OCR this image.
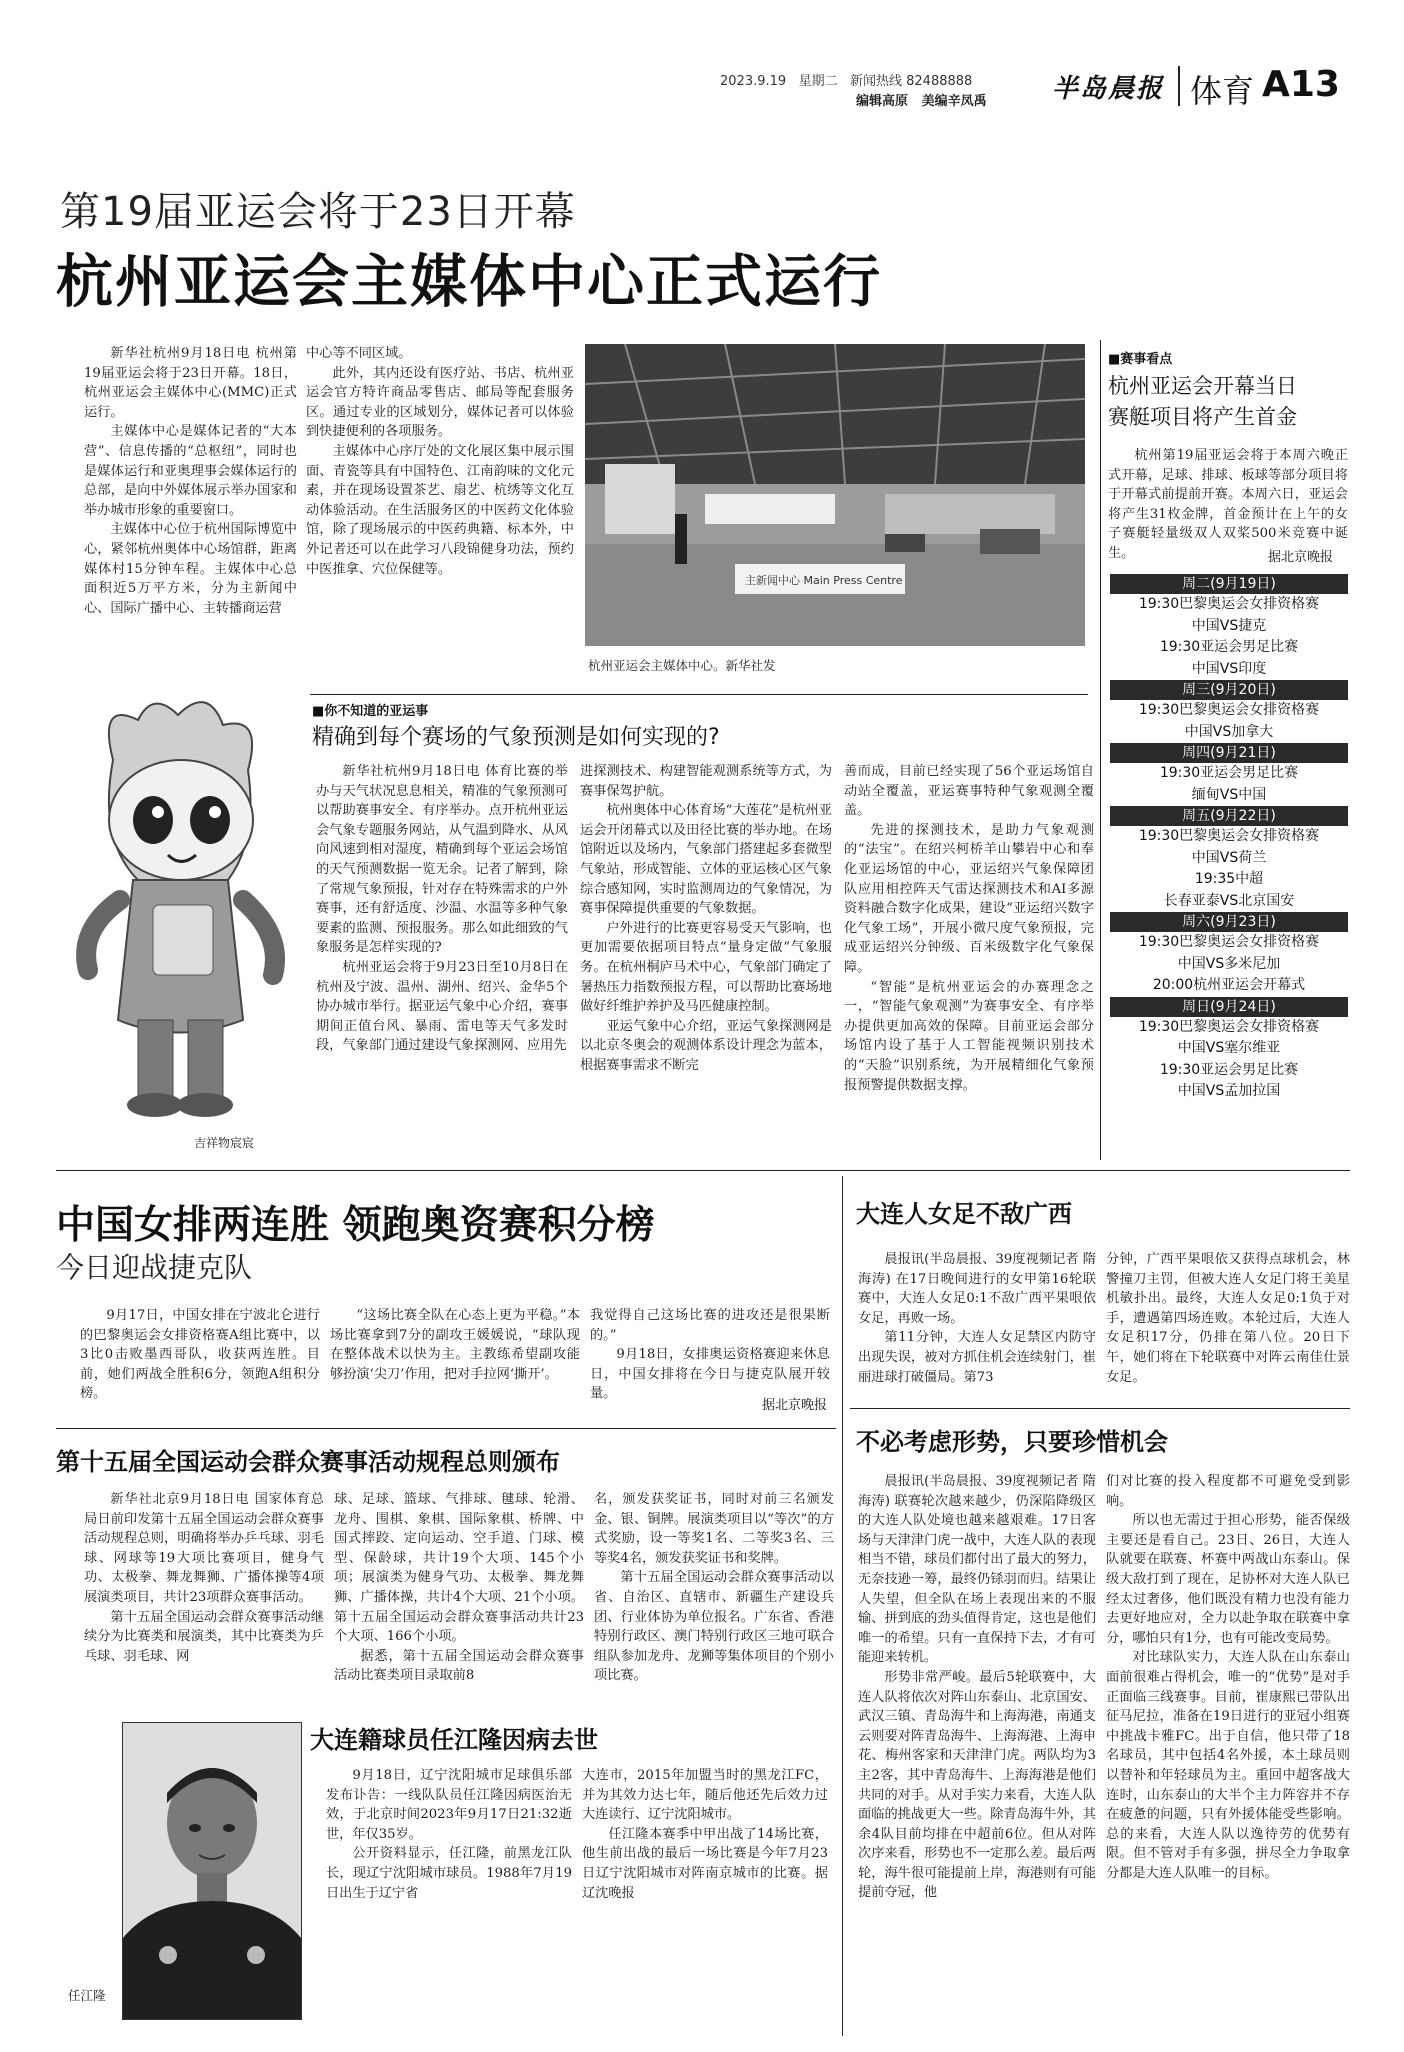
2023.9.19 星期二 新闻热线 82488888
编辑高原 美编辛凤禹	半岛晨报 体育 A13
第19届亚运会将于23日开幕
杭州亚运会主媒体中心正式运行

新华社杭州9月18日电 杭州第19届亚运会将于23日开幕。18日，杭州亚运会主媒体中心(MMC)正式运行。

主媒体中心是媒体记者的“大本营”、信息传播的“总枢纽”，同时也是媒体运行和亚奥理事会媒体运行的总部，是向中外媒体展示举办国家和举办城市形象的重要窗口。

主媒体中心位于杭州国际博览中心，紧邻杭州奥体中心场馆群，距离媒体村15分钟车程。主媒体中心总面积近5万平方米，分为主新闻中心、国际广播中心、主转播商运营

中心等不同区域。

此外，其内还设有医疗站、书店、杭州亚运会官方特许商品零售店、邮局等配套服务区。通过专业的区域划分，媒体记者可以体验到快捷便利的各项服务。

主媒体中心序厅处的文化展区集中展示围面、青瓷等具有中国特色、江南韵味的文化元素，并在现场设置茶艺、扇艺、杭绣等文化互动体验活动。在生活服务区的中医药文化体验馆，除了现场展示的中医药典籍、标本外，中外记者还可以在此学习八段锦健身功法，预约中医推拿、穴位保健等。

主新闻中心 Main Press Centre
杭州亚运会主媒体中心。新华社发
■赛事看点
杭州亚运会开幕当日
赛艇项目将产生首金

杭州第19届亚运会将于本周六晚正式开幕，足球、排球、板球等部分项目将于开幕式前提前开赛。本周六日，亚运会将产生31枚金牌，首金预计在上午的女子赛艇轻量级双人双桨500米竞赛中诞生。	据北京晚报
周二(9月19日)
19:30巴黎奥运会女排资格赛
中国VS捷克
19:30亚运会男足比赛
中国VS印度
周三(9月20日)
19:30巴黎奥运会女排资格赛
中国VS加拿大
周四(9月21日)
19:30亚运会男足比赛
缅甸VS中国
周五(9月22日)
19:30巴黎奥运会女排资格赛
中国VS荷兰
19:35中超
长春亚泰VS北京国安
周六(9月23日)
19:30巴黎奥运会女排资格赛
中国VS多米尼加
20:00杭州亚运会开幕式
周日(9月24日)
19:30巴黎奥运会女排资格赛
中国VS塞尔维亚
19:30亚运会男足比赛
中国VS孟加拉国
吉祥物宸宸
■你不知道的亚运事
精确到每个赛场的气象预测是如何实现的?

新华社杭州9月18日电 体育比赛的举办与天气状况息息相关，精准的气象预测可以帮助赛事安全、有序举办。点开杭州亚运会气象专题服务网站，从气温到降水、从风向风速到相对湿度，精确到每个亚运会场馆的天气预测数据一览无余。记者了解到，除了常规气象预报，针对存在特殊需求的户外赛事，还有舒适度、沙温、水温等多种气象要素的监测、预报服务。那么如此细致的气象服务是怎样实现的?

杭州亚运会将于9月23日至10月8日在杭州及宁波、温州、湖州、绍兴、金华5个协办城市举行。据亚运气象中心介绍，赛事期间正值台风、暴雨、雷电等天气多发时段，气象部门通过建设气象探测网、应用先

进探测技术、构建智能观测系统等方式，为赛事保驾护航。

杭州奥体中心体育场“大莲花”是杭州亚运会开闭幕式以及田径比赛的举办地。在场馆附近以及场内，气象部门搭建起多套微型气象站，形成智能、立体的亚运核心区气象综合感知网，实时监测周边的气象情况，为赛事保障提供重要的气象数据。

户外进行的比赛更容易受天气影响，也更加需要依据项目特点“量身定做”气象服务。在杭州桐庐马术中心，气象部门确定了暑热压力指数预报方程，可以帮助比赛场地做好纤维护养护及马匹健康控制。

亚运气象中心介绍，亚运气象探测网是以北京冬奥会的观测体系设计理念为蓝本，根据赛事需求不断完

善而成，目前已经实现了56个亚运场馆自动站全覆盖，亚运赛事特种气象观测全覆盖。

先进的探测技术，是助力气象观测的“法宝”。在绍兴柯桥羊山攀岩中心和奉化亚运场馆的中心，亚运绍兴气象保障团队应用相控阵天气雷达探测技术和AI多源资料融合数字化成果，建设“亚运绍兴数字化气象工场”，开展小微尺度气象预报，完成亚运绍兴分钟级、百米级数字化气象保障。

“智能”是杭州亚运会的办赛理念之一，“智能气象观测”为赛事安全、有序举办提供更加高效的保障。目前亚运会部分场馆内设了基于人工智能视频识别技术的“天脸”识别系统，为开展精细化气象预报预警提供数据支撑。

中国女排两连胜 领跑奥资赛积分榜
今日迎战捷克队

9月17日，中国女排在宁波北仑进行的巴黎奥运会女排资格赛A组比赛中，以3比0击败墨西哥队，收获两连胜。目前，她们两战全胜积6分，领跑A组积分榜。

“这场比赛全队在心态上更为平稳。”本场比赛拿到7分的副攻王媛媛说，“球队现在整体战术以快为主。主教练希望副攻能够扮演‘尖刀’作用，把对手拉网‘撕开’。

我觉得自己这场比赛的进攻还是很果断的。”

9月18日，女排奥运资格赛迎来休息日，中国女排将在今日与捷克队展开较量。

据北京晚报
第十五届全国运动会群众赛事活动规程总则颁布

新华社北京9月18日电 国家体育总局日前印发第十五届全国运动会群众赛事活动规程总则，明确将举办乒乓球、羽毛球、网球等19大项比赛项目，健身气功、太极拳、舞龙舞狮、广播体操等4项展演类项目，共计23项群众赛事活动。

第十五届全国运动会群众赛事活动继续分为比赛类和展演类，其中比赛类为乒乓球、羽毛球、网

球、足球、篮球、气排球、毽球、轮滑、龙舟、围棋、象棋、国际象棋、桥牌、中国式摔跤、定向运动、空手道、门球、模型、保龄球，共计19个大项、145个小项；展演类为健身气功、太极拳、舞龙舞狮、广播体操，共计4个大项、21个小项。第十五届全国运动会群众赛事活动共计23个大项、166个小项。

据悉，第十五届全国运动会群众赛事活动比赛类项目录取前8

名，颁发获奖证书，同时对前三名颁发金、银、铜牌。展演类项目以“等次”的方式奖励，设一等奖1名、二等奖3名、三等奖4名，颁发获奖证书和奖牌。

第十五届全国运动会群众赛事活动以省、自治区、直辖市、新疆生产建设兵团、行业体协为单位报名。广东省、香港特别行政区、澳门特别行政区三地可联合组队参加龙舟、龙狮等集体项目的个别小项比赛。

任江隆
大连籍球员任江隆因病去世

9月18日，辽宁沈阳城市足球俱乐部发布讣告：一线队队员任江隆因病医治无效，于北京时间2023年9月17日21:32逝世，年仅35岁。

公开资料显示，任江隆，前黑龙江队长，现辽宁沈阳城市球员。1988年7月19日出生于辽宁省

大连市，2015年加盟当时的黑龙江FC，并为其效力达七年，随后他还先后效力过大连读行、辽宁沈阳城市。

任江隆本赛季中甲出战了14场比赛，他生前出战的最后一场比赛是今年7月23日辽宁沈阳城市对阵南京城市的比赛。据辽沈晚报

大连人女足不敌广西

晨报讯(半岛晨报、39度视频记者 隋海涛) 在17日晚间进行的女甲第16轮联赛中，大连人女足0:1不敌广西平果哏依女足，再败一场。

第11分钟，大连人女足禁区内防守出现失误，被对方抓住机会连续射门，崔丽进球打破僵局。第73

分钟，广西平果哏依又获得点球机会，林警撞刀主罚，但被大连人女足门将王美星机敏扑出。最终，大连人女足0:1负于对手，遭遇第四场连败。本轮过后，大连人女足积17分，仍排在第八位。20日下午，她们将在下轮联赛中对阵云南佳仕景女足。

不必考虑形势，只要珍惜机会

晨报讯(半岛晨报、39度视频记者 隋海涛) 联赛轮次越来越少，仍深陷降级区的大连人队处境也越来越艰难。17日客场与天津津门虎一战中，大连人队的表现相当不错，球员们都付出了最大的努力，无奈技逊一筹，最终仍铩羽而归。结果让人失望，但全队在场上表现出来的不服输、拼到底的劲头值得肯定，这也是他们唯一的希望。只有一直保持下去，才有可能迎来转机。

形势非常严峻。最后5轮联赛中，大连人队将依次对阵山东泰山、北京国安、武汉三镇、青岛海牛和上海海港，南通支云则要对阵青岛海牛、上海海港、上海申花、梅州客家和天津津门虎。两队均为3主2客，其中青岛海牛、上海海港是他们共同的对手。从对手实力来看，大连人队面临的挑战更大一些。除青岛海牛外，其余4队目前均排在中超前6位。但从对阵次序来看，形势也不一定那么差。最后两轮，海牛很可能提前上岸，海港则有可能提前夺冠，他

们对比赛的投入程度都不可避免受到影响。

所以也无需过于担心形势，能否保级主要还是看自己。23日、26日，大连人队就要在联赛、杯赛中两战山东泰山。保级大敌打到了现在，足协杯对大连人队已经太过奢侈，他们既没有精力也没有能力去更好地应对，全力以赴争取在联赛中拿分，哪怕只有1分，也有可能改变局势。

对比球队实力，大连人队在山东泰山面前很难占得机会，唯一的“优势”是对手正面临三线赛事。目前，崔康熙已带队出征马尼拉，准备在19日进行的亚冠小组赛中挑战卡雅FC。出于自信，他只带了18名球员，其中包括4名外援，本土球员则以替补和年轻球员为主。重回中超客战大连时，山东泰山的大半个主力阵容并不存在疲惫的问题，只有外援体能受些影响。总的来看，大连人队以逸待劳的优势有限。但不管对手有多强，拼尽全力争取拿分都是大连人队唯一的目标。
